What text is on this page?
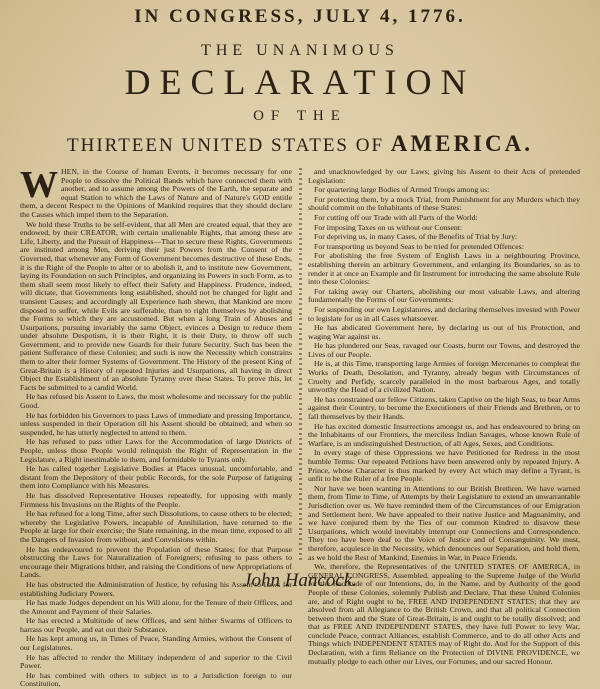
IN CONGRESS, JULY 4, 1776.
THE UNANIMOUS
DECLARATION
OF THE
THIRTEEN UNITED STATES OF AMERICA.
W HEN, in the Course of human Events, it becomes necessary for one People to dissolve the Political Bands which have connected them with another, and to assume among the Powers of the Earth, the separate and equal Station to which the Laws of Nature and of Nature's GOD entitle them, a decent Respect to the Opinions of Mankind requires that they should declare the Causes which impel them to the Separation.

We hold these Truths to be self-evident, that all Men are created equal, that they are endowed, by their CREATOR, with certain unalienable Rights, that among these are Life, Liberty, and the Pursuit of Happiness—That to secure these Rights, Governments are instituted among Men, deriving their just Powers from the Consent of the Governed, that whenever any Form of Government becomes destructive of these Ends, it is the Right of the People to alter or to abolish it, and to institute new Government, laying its Foundation on such Principles, and organizing its Powers in such Form, as to them shall seem most likely to effect their Safety and Happiness. Prudence, indeed, will dictate, that Governments long established, should not be changed for light and transient Causes; and accordingly all Experience hath shewn, that Mankind are more disposed to suffer, while Evils are sufferable, than to right themselves by abolishing the Forms to which they are accustomed. But when a long Train of Abuses and Usurpations, pursuing invariably the same Object, evinces a Design to reduce them under absolute Despotism, it is their Right, it is their Duty, to throw off such Government, and to provide new Guards for their future Security. Such has been the patient Sufferance of these Colonies; and such is now the Necessity which constrains them to alter their former Systems of Government. The History of the present King of Great-Britain is a History of repeated Injuries and Usurpations, all having in direct Object the Establishment of an absolute Tyranny over these States. To prove this, let Facts be submitted to a candid World.

He has refused his Assent to Laws, the most wholesome and necessary for the public Good.

He has forbidden his Governors to pass Laws of immediate and pressing Importance, unless suspended in their Operation till his Assent should be obtained; and when so suspended, he has utterly neglected to attend to them.

He has refused to pass other Laws for the Accommodation of large Districts of People, unless those People would relinquish the Right of Representation in the Legislature, a Right inestimable to them, and formidable to Tyrants only.

He has called together Legislative Bodies at Places unusual, uncomfortable, and distant from the Depository of their public Records, for the sole Purpose of fatiguing them into Compliance with his Measures.

He has dissolved Representative Houses repeatedly, for opposing with manly Firmness his Invasions on the Rights of the People.

He has refused for a long Time, after such Dissolutions, to cause others to be elected; whereby the Legislative Powers, incapable of Annihilation, have returned to the People at large for their exercise; the State remaining, in the mean time, exposed to all the Dangers of Invasion from without, and Convulsions within.

He has endeavoured to prevent the Population of these States; for that Purpose obstructing the Laws for Naturalization of Foreigners; refusing to pass others to encourage their Migrations hither, and raising the Conditions of new Appropriations of Lands.

He has obstructed the Administration of Justice, by refusing his Assent to Laws for establishing Judiciary Powers.

He has made Judges dependent on his Will alone, for the Tenure of their Offices, and the Amount and Payment of their Salaries.

He has erected a Multitude of new Offices, and sent hither Swarms of Officers to harrass our People, and eat out their Substance.

He has kept among us, in Times of Peace, Standing Armies, without the Consent of our Legislatures.

He has affected to render the Military independent of and superior to the Civil Power.

He has combined with others to subject us to a Jurisdiction foreign to our Constitution,

and unacknowledged by our Laws; giving his Assent to their Acts of pretended Legislation:

For quartering large Bodies of Armed Troops among us:

For protecting them, by a mock Trial, from Punishment for any Murders which they should commit on the Inhabitants of these States:

For cutting off our Trade with all Parts of the World:

For imposing Taxes on us without our Consent:

For depriving us, in many Cases, of the Benefits of Trial by Jury:

For transporting us beyond Seas to be tried for pretended Offences:

For abolishing the free System of English Laws in a neighbouring Province, establishing therein an arbitrary Government, and enlarging its Boundaries, so as to render it at once an Example and fit Instrument for introducing the same absolute Rule into these Colonies:

For taking away our Charters, abolishing our most valuable Laws, and altering fundamentally the Forms of our Governments:

For suspending our own Legislatures, and declaring themselves invested with Power to legislate for us in all Cases whatsoever.

He has abdicated Government here, by declaring us out of his Protection, and waging War against us.

He has plundered our Seas, ravaged our Coasts, burnt our Towns, and destroyed the Lives of our People.

He is, at this Time, transporting large Armies of foreign Mercenaries to compleat the Works of Death, Desolation, and Tyranny, already begun with Circumstances of Cruelty and Perfidy, scarcely paralleled in the most barbarous Ages, and totally unworthy the Head of a civilized Nation.

He has constrained our fellow Citizens, taken Captive on the high Seas, to bear Arms against their Country, to become the Executioners of their Friends and Brethren, or to fall themselves by their Hands.

He has excited domestic Insurrections amongst us, and has endeavoured to bring on the Inhabitants of our Frontiers, the merciless Indian Savages, whose known Rule of Warfare, is an undistinguished Destruction, of all Ages, Sexes, and Conditions.

In every stage of these Oppressions we have Petitioned for Redress in the most humble Terms: Our repeated Petitions have been answered only by repeated Injury. A Prince, whose Character is thus marked by every Act which may define a Tyrant, is unfit to be the Ruler of a free People.

Nor have we been wanting in Attentions to our British Brethren. We have warned them, from Time to Time, of Attempts by their Legislature to extend an unwarrantable Jurisdiction over us. We have reminded them of the Circumstances of our Emigration and Settlement here. We have appealed to their native Justice and Magnanimity, and we have conjured them by the Ties of our common Kindred to disavow these Usurpations, which would inevitably interrupt our Connections and Correspondence. They too have been deaf to the Voice of Justice and of Consanguinity. We must, therefore, acquiesce in the Necessity, which denounces our Separation, and hold them, as we hold the Rest of Mankind, Enemies in War, in Peace Friends.

We, therefore, the Representatives of the UNITED STATES OF AMERICA, in GENERAL CONGRESS, Assembled, appealing to the Supreme Judge of the World for the Rectitude of our Intentions, do, in the Name, and by Authority of the good People of these Colonies, solemnly Publish and Declare, That these United Colonies are, and of Right ought to be, FREE AND INDEPENDENT STATES; that they are absolved from all Allegiance to the British Crown, and that all political Connection between them and the State of Great-Britain, is and ought to be totally dissolved; and that as FREE AND INDEPENDENT STATES, they have full Power to levy War, conclude Peace, contract Alliances, establish Commerce, and to do all other Acts and Things which INDEPENDENT STATES may of Right do. And for the Support of this Declaration, with a firm Reliance on the Protection of DIVINE PROVIDENCE, we mutually pledge to each other our Lives, our Fortunes, and our sacred Honour.

John Hancock.
